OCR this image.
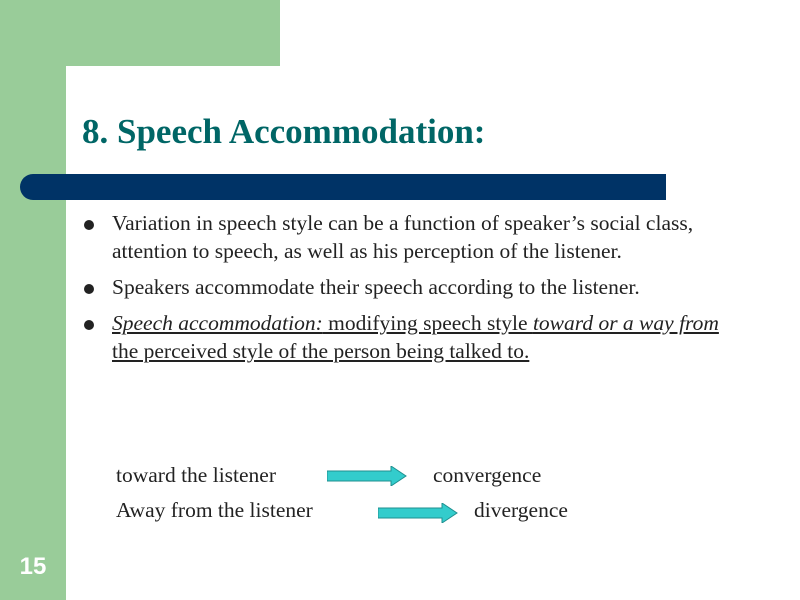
15
8. Speech Accommodation:
Variation in speech style can be a function of speaker’s social class, attention to speech, as well as his perception of the listener.
Speakers accommodate their speech according to the listener.
Speech accommodation: modifying speech style toward or a way from the perceived style of the person being talked to.
toward the listener	convergence
Away from the listener	divergence
